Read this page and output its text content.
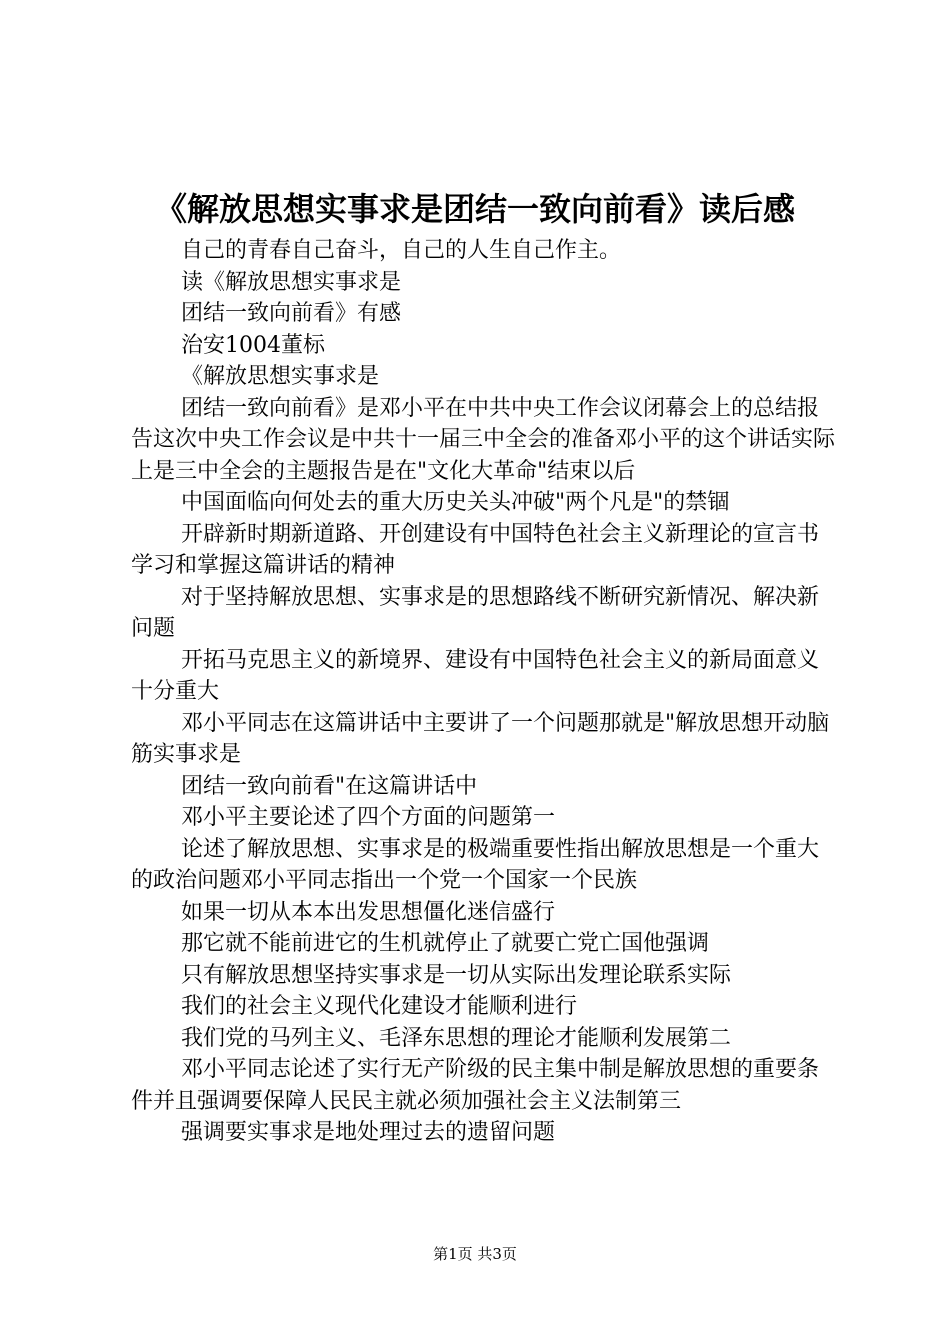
《解放思想实事求是团结一致向前看》读后感

自己的青春自己奋斗，自己的人生自己作主。

读《解放思想实事求是

团结一致向前看》有感

治安1004董标

《解放思想实事求是

团结一致向前看》是邓小平在中共中央工作会议闭幕会上的总结报告这次中央工作会议是中共十一届三中全会的准备邓小平的这个讲话实际上是三中全会的主题报告是在"文化大革命"结束以后

中国面临向何处去的重大历史关头冲破"两个凡是"的禁锢

开辟新时期新道路、开创建设有中国特色社会主义新理论的宣言书学习和掌握这篇讲话的精神

对于坚持解放思想、实事求是的思想路线不断研究新情况、解决新问题

开拓马克思主义的新境界、建设有中国特色社会主义的新局面意义十分重大

邓小平同志在这篇讲话中主要讲了一个问题那就是"解放思想开动脑筋实事求是

团结一致向前看"在这篇讲话中

邓小平主要论述了四个方面的问题第一

论述了解放思想、实事求是的极端重要性指出解放思想是一个重大的政治问题邓小平同志指出一个党一个国家一个民族

如果一切从本本出发思想僵化迷信盛行

那它就不能前进它的生机就停止了就要亡党亡国他强调

只有解放思想坚持实事求是一切从实际出发理论联系实际

我们的社会主义现代化建设才能顺利进行

我们党的马列主义、毛泽东思想的理论才能顺利发展第二

邓小平同志论述了实行无产阶级的民主集中制是解放思想的重要条件并且强调要保障人民民主就必须加强社会主义法制第三

强调要实事求是地处理过去的遗留问题

第1页 共3页
